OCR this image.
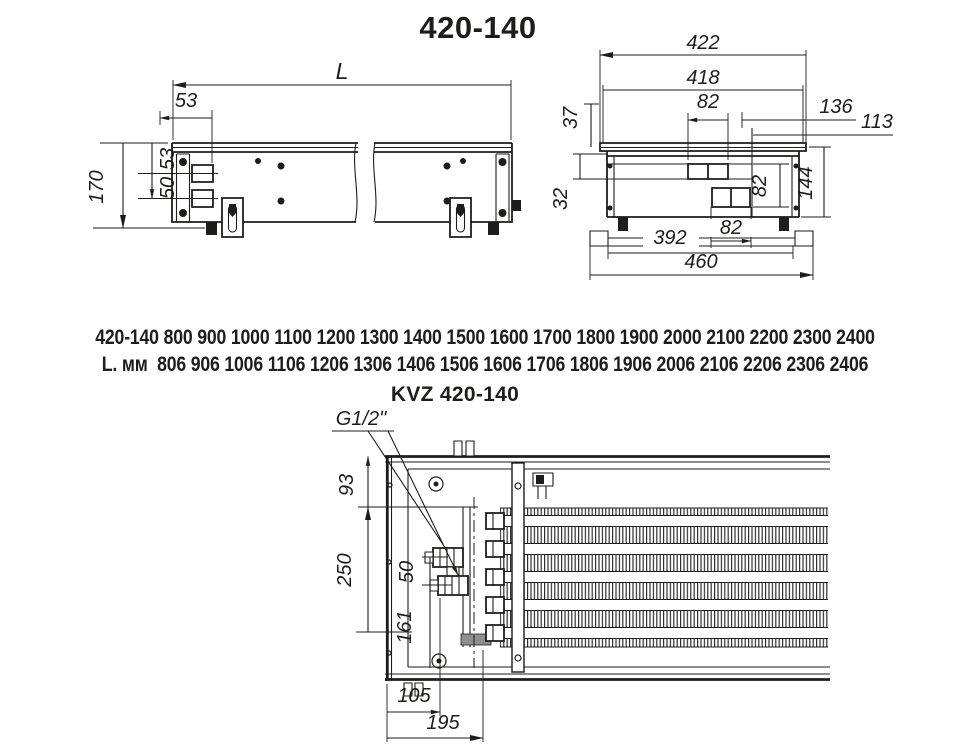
420-140
L
53
170
53
50
422
418
82	136
113
37
32
82 144
82
392
460
G1/2"
93
250 50
161
105
195
420-140 800 900 1000 1100 1200 1300 1400 1500 1600 1700 1800 1900 2000 2100 2200 2300 2400
L. мм 806 906 1006 1106 1206 1306 1406 1506 1606 1706 1806 1906 2006 2106 2206 2306 2406
KVZ 420-140
